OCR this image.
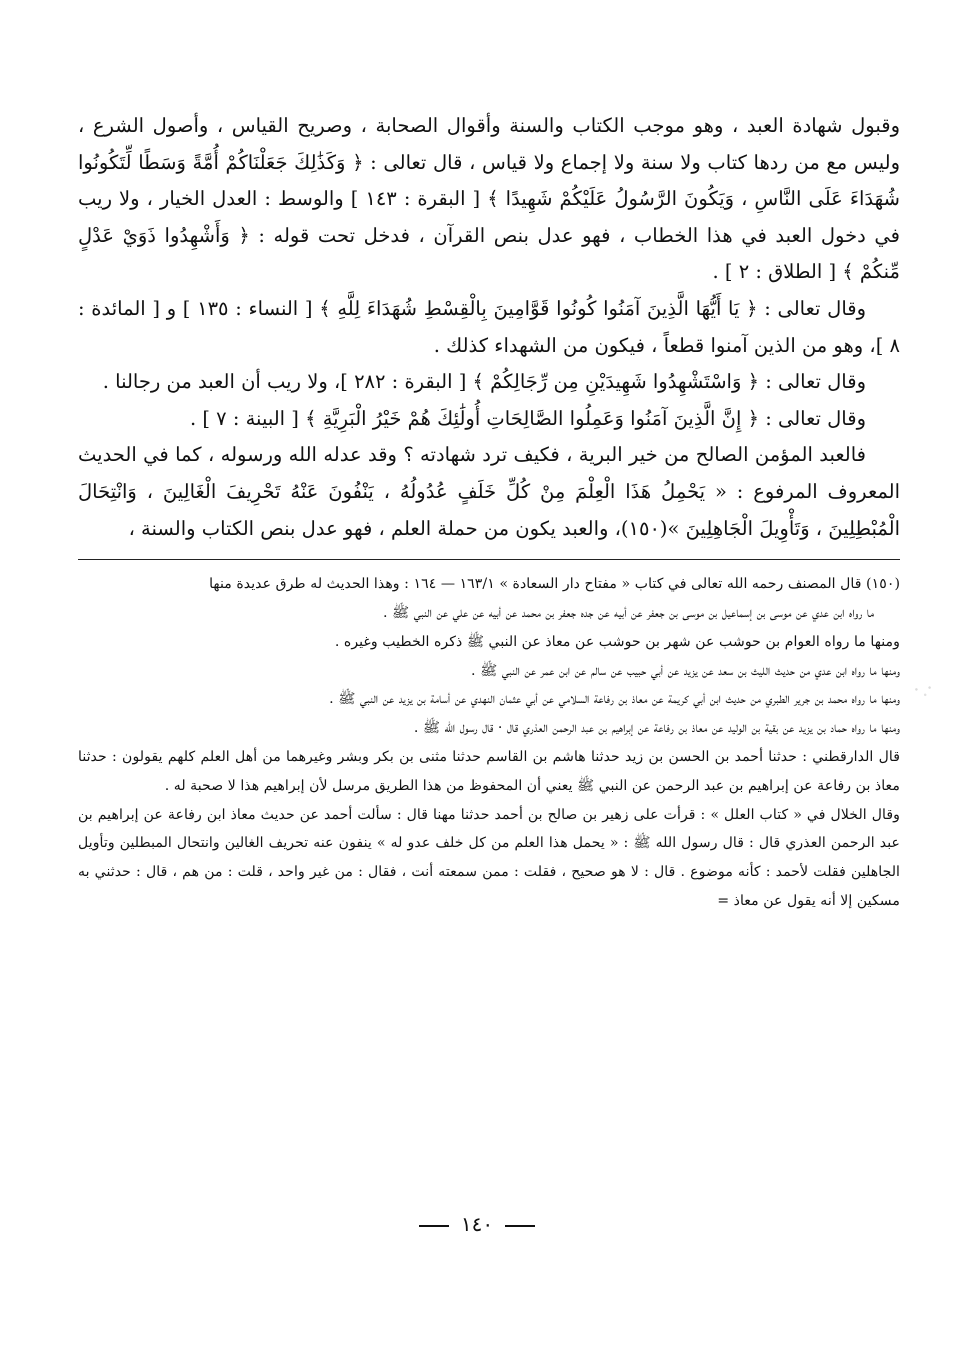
وقبول شهادة العبد ، وهو موجب الكتاب والسنة وأقوال الصحابة ، وصريح القياس ، وأصول الشرع ، وليس مع من ردها كتاب ولا سنة ولا إجماع ولا قياس ، قال تعالى : ﴿ وَكَذَٰلِكَ جَعَلْنَاكُمْ أُمَّةً وَسَطًا لِّتَكُونُوا شُهَدَاءَ عَلَى النَّاسِ ، وَيَكُونَ الرَّسُولُ عَلَيْكُمْ شَهِيدًا ﴾ [ البقرة : ١٤٣ ] والوسط : العدل الخيار ، ولا ريب في دخول العبد في هذا الخطاب ، فهو عدل بنص القرآن ، فدخل تحت قوله : ﴿ وَأَشْهِدُوا ذَوَيْ عَدْلٍ مِّنكُمْ ﴾ [ الطلاق : ٢ ] .

وقال تعالى : ﴿ يَا أَيُّهَا الَّذِينَ آمَنُوا كُونُوا قَوَّامِينَ بِالْقِسْطِ شُهَدَاءَ لِلَّهِ ﴾ [ النساء : ١٣٥ ] و [ المائدة : ٨ ]، وهو من الذين آمنوا قطعاً ، فيكون من الشهداء كذلك .

وقال تعالى : ﴿ وَاسْتَشْهِدُوا شَهِيدَيْنِ مِن رِّجَالِكُمْ ﴾ [ البقرة : ٢٨٢ ]، ولا ريب أن العبد من رجالنا .

وقال تعالى : ﴿ إِنَّ الَّذِينَ آمَنُوا وَعَمِلُوا الصَّالِحَاتِ أُولَٰئِكَ هُمْ خَيْرُ الْبَرِيَّةِ ﴾ [ البينة : ٧ ] .

فالعبد المؤمن الصالح من خير البرية ، فكيف ترد شهادته ؟ وقد عدله الله ورسوله ، كما في الحديث المعروف المرفوع : « يَحْمِلُ هَذَا الْعِلْمَ مِنْ كُلِّ خَلَفٍ عُدُولُهُ ، يَنْفُونَ عَنْهُ تَحْرِيفَ الْغَالِينَ ، وَانْتِحَالَ الْمُبْطِلِينَ ، وَتَأْوِيلَ الْجَاهِلِينَ »(١٥٠)، والعبد يكون من حملة العلم ، فهو عدل بنص الكتاب والسنة ،

(١٥٠) قال المصنف رحمه الله تعالى في كتاب « مفتاح دار السعادة » ١٦٣/١ — ١٦٤ : وهذا الحديث له طرق عديدة منها

ما رواه ابن عدي عن موسى بن إسماعيل بن موسى بن جعفر عن أبيه عن جده جعفر بن محمد عن أبيه عن علي عن النبي ﷺ .

ومنها ما رواه العوام بن حوشب عن شهر بن حوشب عن معاذ عن النبي ﷺ ذكره الخطيب وغيره .

ومنها ما رواه ابن عدي من حديث الليث بن سعد عن يزيد عن أبي حبيب عن سالم عن ابن عمر عن النبي ﷺ .

ومنها ما رواه محمد بن جرير الطبري من حديث ابن أبي كريمة عن معاذ بن رفاعة السلامي عن أبي عثمان النهدي عن أسامة بن يزيد عن النبي ﷺ .

ومنها ما رواه حماد بن يزيد عن بقية بن الوليد عن معاذ بن رفاعة عن إبراهيم بن عبد الرحمن العذري قال · قال رسول الله ﷺ .

قال الدارقطني : حدثنا أحمد بن الحسن بن زيد حدثنا هاشم بن القاسم حدثنا مثنى بن بكر وبشر وغيرهما من أهل العلم كلهم يقولون : حدثنا معاذ بن رفاعة عن إبراهيم بن عبد الرحمن عن النبي ﷺ يعني أن المحفوظ من هذا الطريق مرسل لأن إبراهيم هذا لا صحبة له .

وقال الخلال في « كتاب العلل » : قرأت على زهير بن صالح بن أحمد حدثنا مهنا قال : سألت أحمد عن حديث معاذ ابن رفاعة عن إبراهيم بن عبد الرحمن العذري قال : قال رسول الله ﷺ : « يحمل هذا العلم من كل خلف عدو له » ينفون عنه تحريف الغالين وانتحال المبطلين وتأويل الجاهلين فقلت لأحمد : كأنه موضوع . قال : لا هو صحيح ، فقلت : ممن سمعته أنت ، فقال : من غير واحد ، قلت : من هم ، قال : حدثني به مسكين إلا أنه يقول عن معاذ =

١٤٠
